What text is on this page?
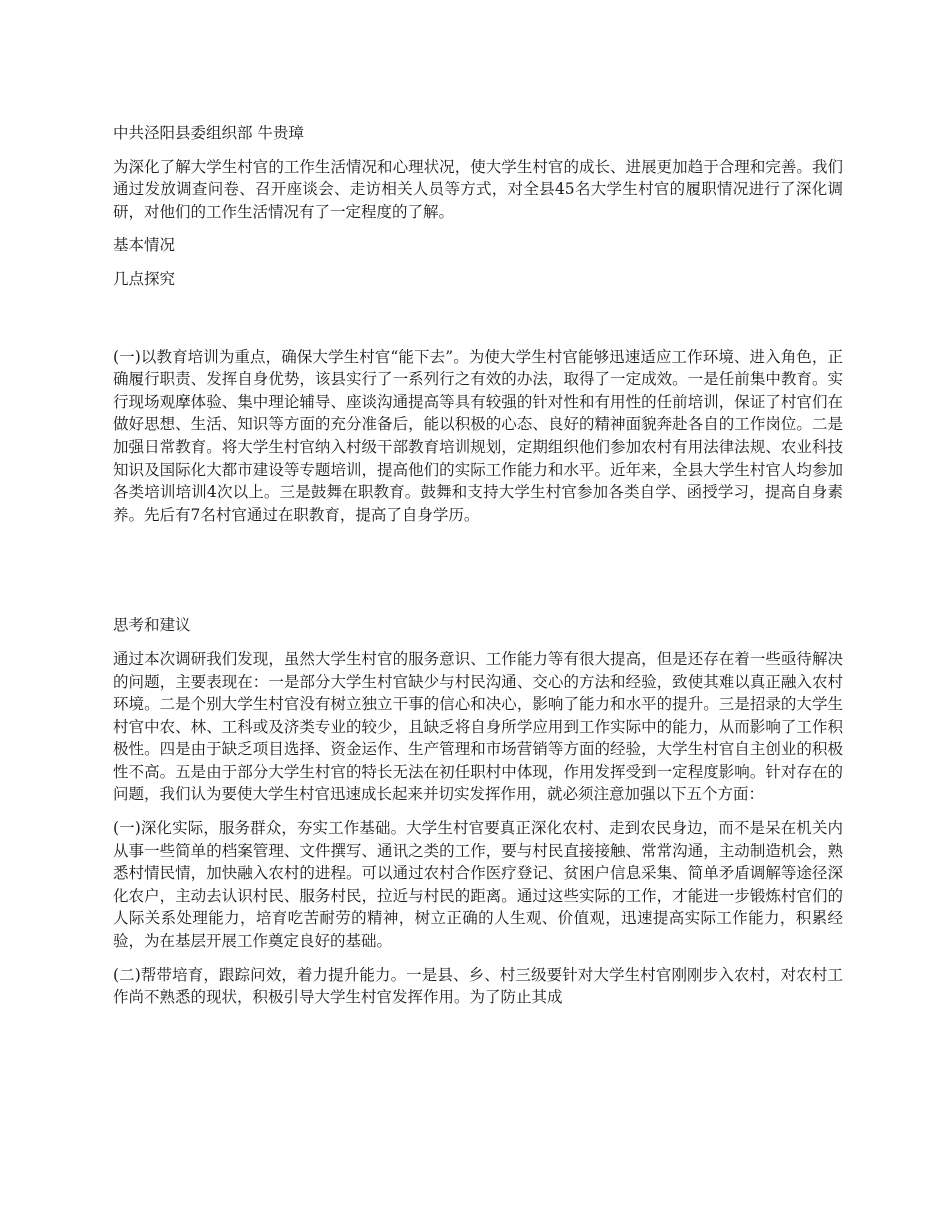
中共泾阳县委组织部 牛贵璋

为深化了解大学生村官的工作生活情况和心理状况，使大学生村官的成长、进展更加趋于合理和完善。我们通过发放调查问卷、召开座谈会、走访相关人员等方式，对全县45名大学生村官的履职情况进行了深化调研，对他们的工作生活情况有了一定程度的了解。

基本情况

几点探究

(一)以教育培训为重点，确保大学生村官“能下去”。为使大学生村官能够迅速适应工作环境、进入角色，正确履行职责、发挥自身优势，该县实行了一系列行之有效的办法，取得了一定成效。一是任前集中教育。实行现场观摩体验、集中理论辅导、座谈沟通提高等具有较强的针对性和有用性的任前培训，保证了村官们在做好思想、生活、知识等方面的充分准备后，能以积极的心态、良好的精神面貌奔赴各自的工作岗位。二是加强日常教育。将大学生村官纳入村级干部教育培训规划，定期组织他们参加农村有用法律法规、农业科技知识及国际化大都市建设等专题培训，提高他们的实际工作能力和水平。近年来，全县大学生村官人均参加各类培训培训4次以上。三是鼓舞在职教育。鼓舞和支持大学生村官参加各类自学、函授学习，提高自身素养。先后有7名村官通过在职教育，提高了自身学历。

思考和建议

通过本次调研我们发现，虽然大学生村官的服务意识、工作能力等有很大提高，但是还存在着一些亟待解决的问题，主要表现在：一是部分大学生村官缺少与村民沟通、交心的方法和经验，致使其难以真正融入农村环境。二是个别大学生村官没有树立独立干事的信心和决心，影响了能力和水平的提升。三是招录的大学生村官中农、林、工科或及济类专业的较少，且缺乏将自身所学应用到工作实际中的能力，从而影响了工作积极性。四是由于缺乏项目选择、资金运作、生产管理和市场营销等方面的经验，大学生村官自主创业的积极性不高。五是由于部分大学生村官的特长无法在初任职村中体现，作用发挥受到一定程度影响。针对存在的问题，我们认为要使大学生村官迅速成长起来并切实发挥作用，就必须注意加强以下五个方面：

(一)深化实际，服务群众，夯实工作基础。大学生村官要真正深化农村、走到农民身边，而不是呆在机关内从事一些简单的档案管理、文件撰写、通讯之类的工作，要与村民直接接触、常常沟通，主动制造机会，熟悉村情民情，加快融入农村的进程。可以通过农村合作医疗登记、贫困户信息采集、简单矛盾调解等途径深化农户，主动去认识村民、服务村民，拉近与村民的距离。通过这些实际的工作，才能进一步锻炼村官们的人际关系处理能力，培育吃苦耐劳的精神，树立正确的人生观、价值观，迅速提高实际工作能力，积累经验，为在基层开展工作奠定良好的基础。

(二)帮带培育，跟踪问效，着力提升能力。一是县、乡、村三级要针对大学生村官刚刚步入农村，对农村工作尚不熟悉的现状，积极引导大学生村官发挥作用。为了防止其成
